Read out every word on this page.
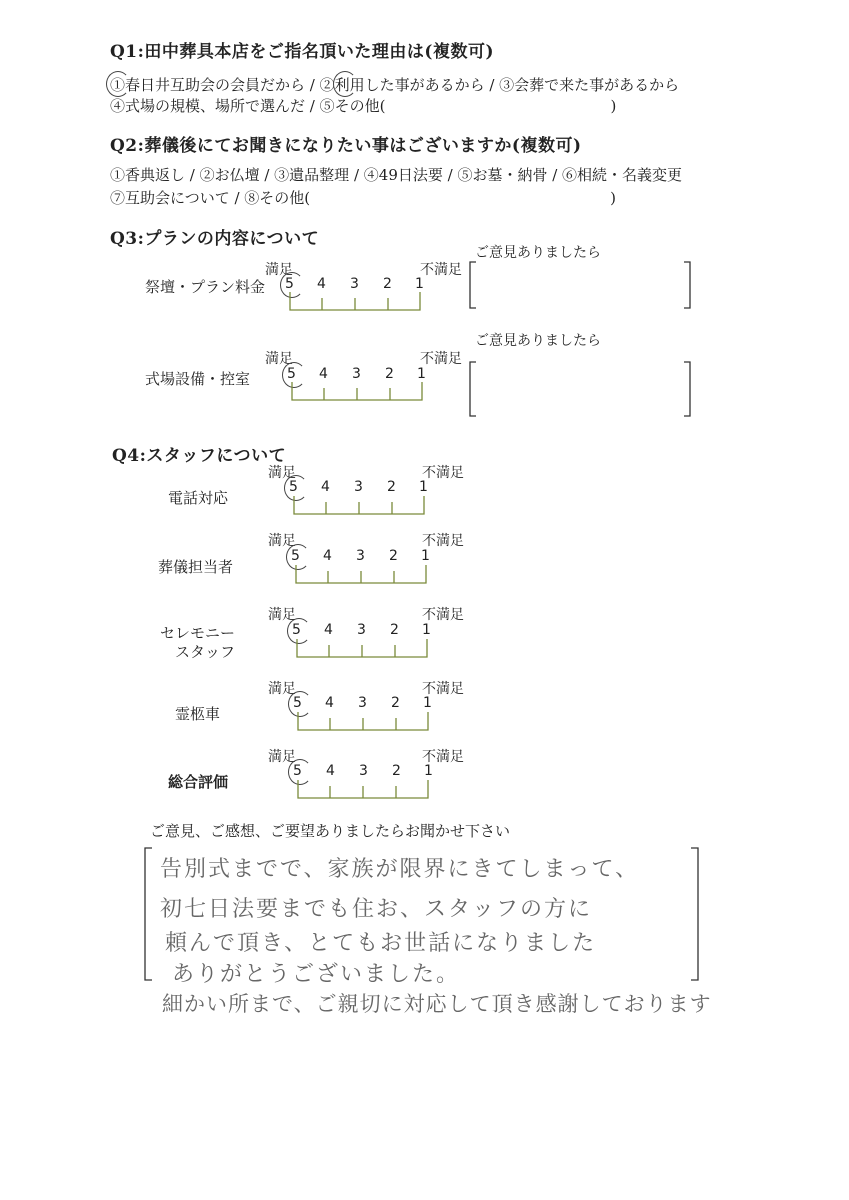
Q1:田中葬具本店をご指名頂いた理由は(複数可)
①春日井互助会の会員だから / ②利用した事があるから / ③会葬で来た事があるから
④式場の規模、場所で選んだ / ⑤その他(　　　　　　　　　　　　　　　)
Q2:葬儀後にてお聞きになりたい事はございますか(複数可)
①香典返し / ②お仏壇 / ③遺品整理 / ④49日法要 / ⑤お墓・納骨 / ⑥相続・名義変更
⑦互助会について / ⑧その他(　　　　　　　　　　　　　　　　　　　　)
Q3:プランの内容について
ご意見ありましたら
祭壇・プラン料金
満足	不満足
5 4 3 2 1
ご意見ありましたら
式場設備・控室
満足	不満足
5 4 3 2 1
Q4:スタッフについて
電話対応
満足	不満足
5 4 3 2 1
葬儀担当者
満足	不満足
5 4 3 2 1
セレモニー
スタッフ
満足	不満足
5 4 3 2 1
霊柩車
満足	不満足
5 4 3 2 1
総合評価
満足	不満足
5 4 3 2 1
ご意見、ご感想、ご要望ありましたらお聞かせ下さい
告別式までで、家族が限界にきてしまって、
初七日法要までも住お、スタッフの方に
頼んで頂き、とてもお世話になりました
ありがとうございました。
細かい所まで、ご親切に対応して頂き感謝しております
